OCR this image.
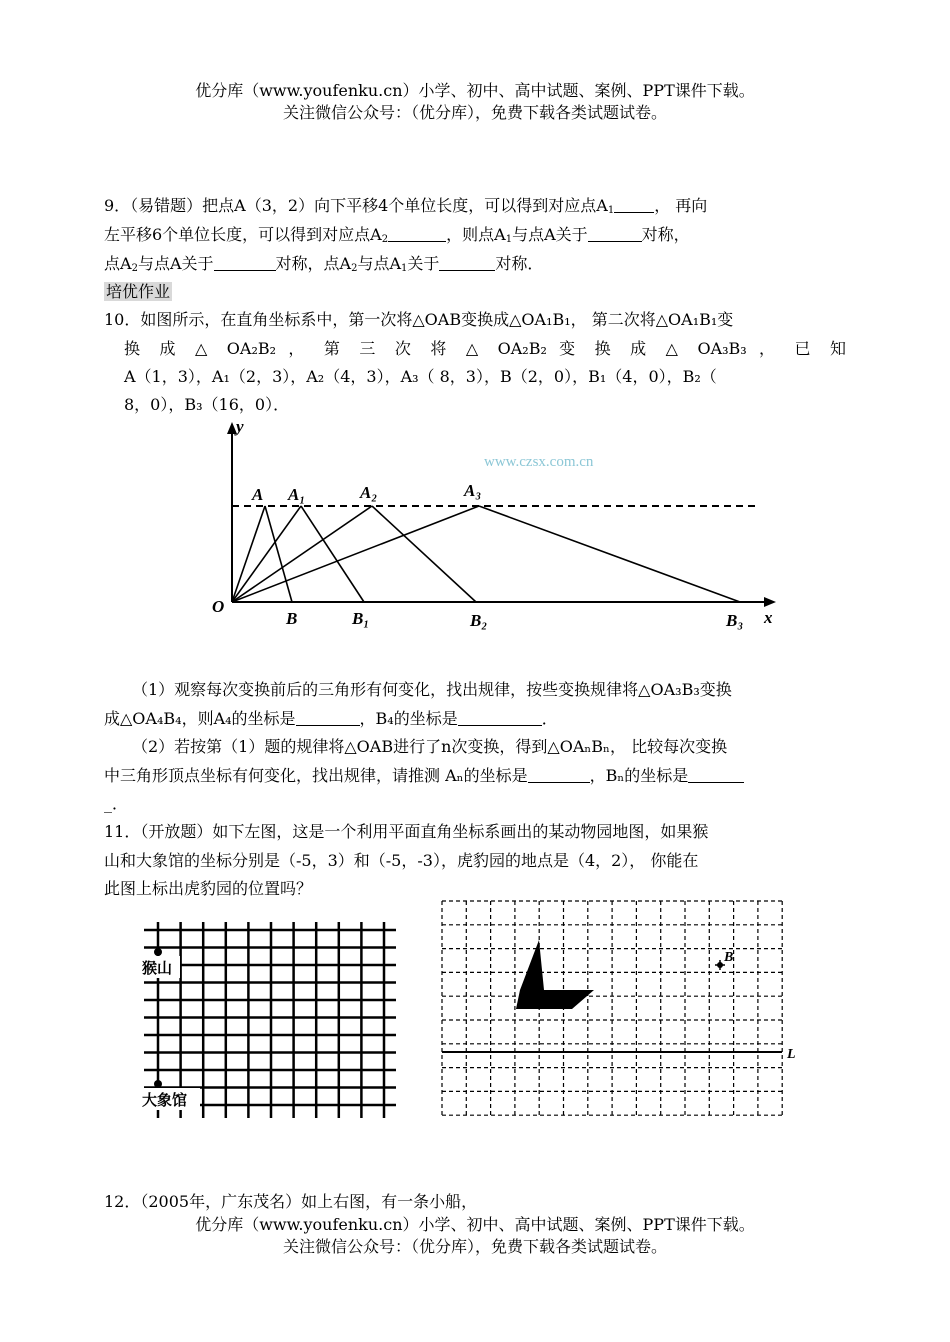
优分库（www.youfenku.cn）小学、初中、高中试题、案例、PPT课件下载。
关注微信公众号：（优分库），免费下载各类试题试卷。
9．（易错题）把点A（3，2）向下平移4个单位长度，可以得到对应点$A_1$	， 再向
左平移6个单位长度，可以得到对应点$A_2$	，则点$A_1$与点A关于	对称，
点$A_2$与点A关于	对称，点$A_2$与点$A_1$关于	对称．
培优作业
10．如图所示，在直角坐标系中，第一次将△OAB变换成△OA₁B₁， 第二次将△OA₁B₁变
换 成 △ OA₂B₂ ， 第 三 次 将 △ OA₂B₂ 变 换 成 △ OA₃B₃ ， 已 知
A（1，3），A₁（2，3），A₂（4，3），A₃（ 8，3），B（2，0），B₁（4，0），B₂（
8，0），B₃（16，0）．
www.czsx.com.cn
y
x
O
A A₁	A₂	A₃
B	B₁	B₂	B₃
（1）观察每次变换前后的三角形有何变化，找出规律，按些变换规律将△OA₃B₃变换
成△OA₄B₄，则A₄的坐标是	，B₄的坐标是	．
（2）若按第（1）题的规律将△OAB进行了n次变换，得到△OAₙBₙ， 比较每次变换
中三角形顶点坐标有何变化，找出规律，请推测 Aₙ的坐标是	，Bₙ的坐标是
_．
11．（开放题）如下左图，这是一个利用平面直角坐标系画出的某动物园地图，如果猴
山和大象馆的坐标分别是（-5，3）和（-5，-3），虎豹园的地点是（4，2）， 你能在
此图上标出虎豹园的位置吗？
猴山
大象馆
A
B
L
12．（2005年，广东茂名）如上右图，有一条小船，
优分库（www.youfenku.cn）小学、初中、高中试题、案例、PPT课件下载。
关注微信公众号：（优分库），免费下载各类试题试卷。
